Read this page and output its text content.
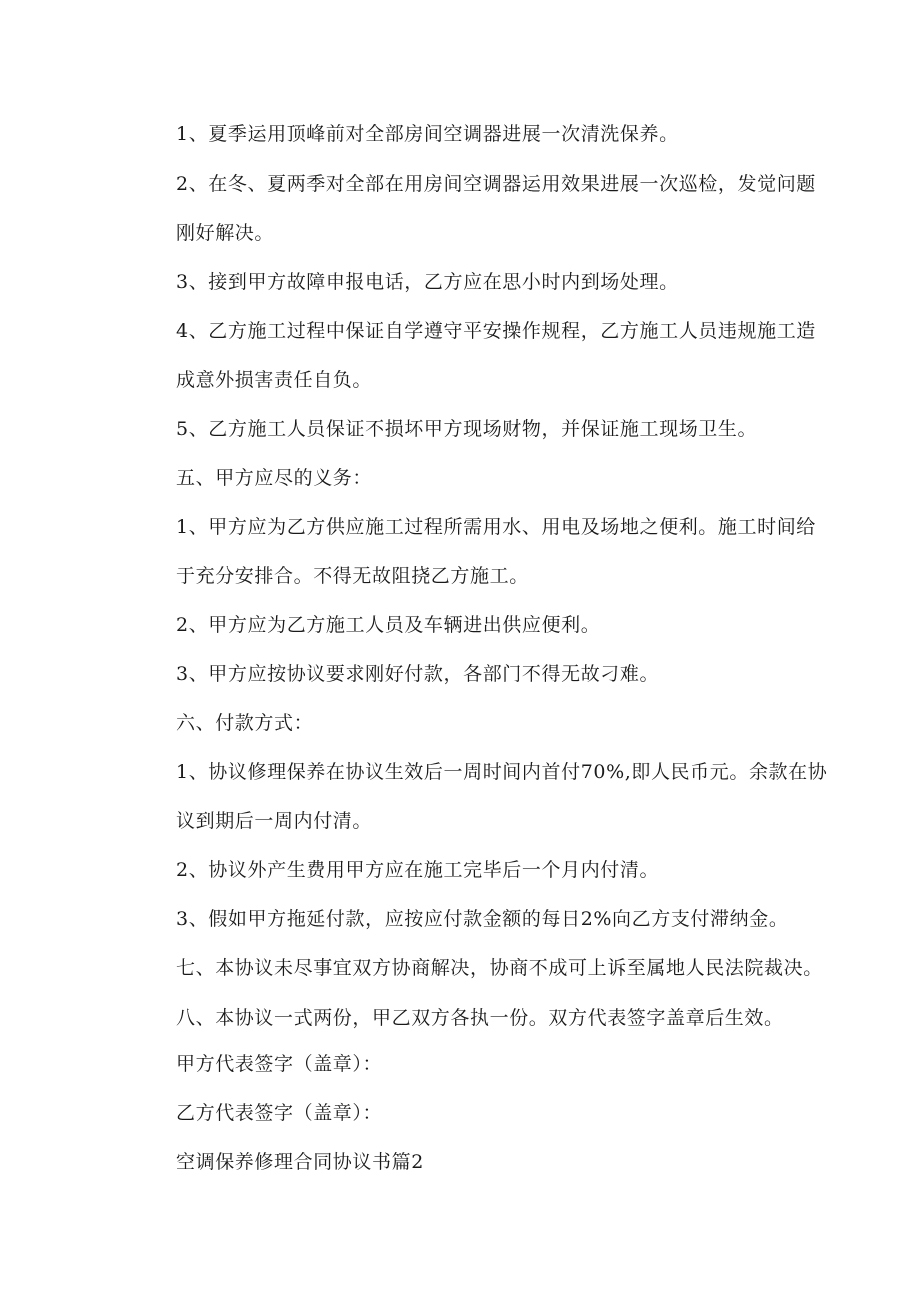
1、夏季运用顶峰前对全部房间空调器进展一次清洗保养。
2、在冬、夏两季对全部在用房间空调器运用效果进展一次巡检，发觉问题
刚好解决。
3、接到甲方故障申报电话，乙方应在思小时内到场处理。
4、乙方施工过程中保证自学遵守平安操作规程，乙方施工人员违规施工造
成意外损害责任自负。
5、乙方施工人员保证不损坏甲方现场财物，并保证施工现场卫生。
五、甲方应尽的义务：
1、甲方应为乙方供应施工过程所需用水、用电及场地之便利。施工时间给
于充分安排合。不得无故阻挠乙方施工。
2、甲方应为乙方施工人员及车辆进出供应便利。
3、甲方应按协议要求刚好付款，各部门不得无故刁难。
六、付款方式：
1、协议修理保养在协议生效后一周时间内首付70%,即人民币元。余款在协
议到期后一周内付清。
2、协议外产生费用甲方应在施工完毕后一个月内付清。
3、假如甲方拖延付款，应按应付款金额的每日2%向乙方支付滞纳金。
七、本协议未尽事宜双方协商解决，协商不成可上诉至属地人民法院裁决。
八、本协议一式两份，甲乙双方各执一份。双方代表签字盖章后生效。
甲方代表签字（盖章）：
乙方代表签字（盖章）：
空调保养修理合同协议书篇2
